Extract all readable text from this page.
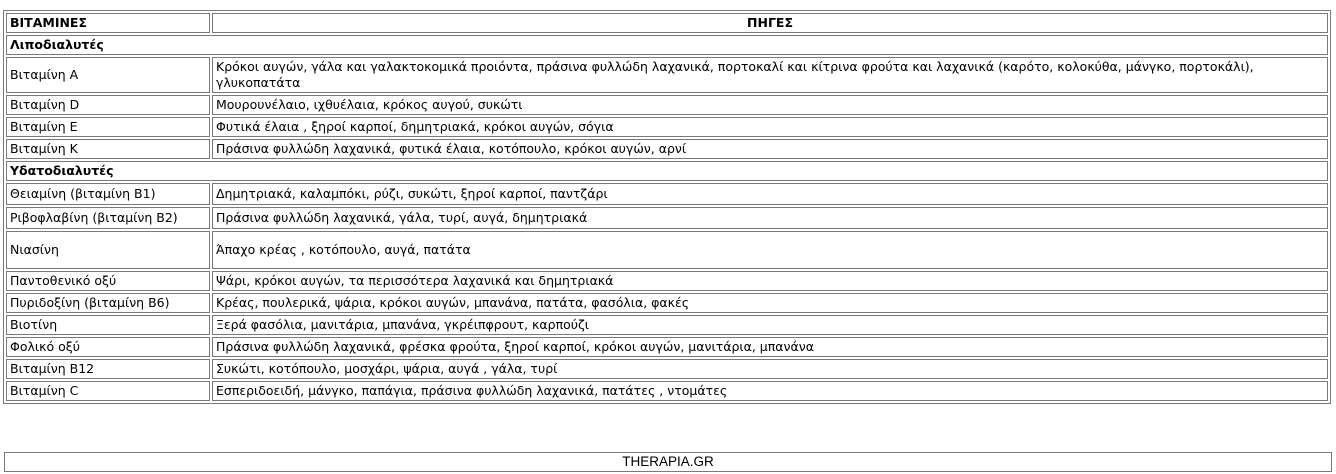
ΒΙΤΑΜΙΝΕΣ	ΠΗΓΕΣ
Λιποδιαλυτές	
Βιταμίνη Α	Κρόκοι αυγών, γάλα και γαλακτοκομικά προιόντα, πράσινα φυλλώδη λαχανικά, πορτοκαλί και κίτρινα φρούτα και λαχανικά (καρότο, κολοκύθα, μάνγκο, πορτοκάλι), γλυκοπατάτα
Βιταμίνη D	Μουρουνέλαιο, ιχθυέλαια, κρόκος αυγού, συκώτι
Βιταμίνη Ε	Φυτικά έλαια , ξηροί καρποί, δημητριακά, κρόκοι αυγών, σόγια
Βιταμίνη Κ	Πράσινα φυλλώδη λαχανικά, φυτικά έλαια, κοτόπουλο, κρόκοι αυγών, αρνί
Υδατοδιαλυτές	
Θειαμίνη (βιταμίνη Β1)	Δημητριακά, καλαμπόκι, ρύζι, συκώτι, ξηροί καρποί, παντζάρι
Ριβοφλαβίνη (βιταμίνη Β2)	Πράσινα φυλλώδη λαχανικά, γάλα, τυρί, αυγά, δημητριακά
Νιασίνη	Άπαχο κρέας , κοτόπουλο, αυγά, πατάτα
Παντοθενικό οξύ	Ψάρι, κρόκοι αυγών, τα περισσότερα λαχανικά και δημητριακά
Πυριδοξίνη (βιταμίνη Β6)	Κρέας, πουλερικά, ψάρια, κρόκοι αυγών, μπανάνα, πατάτα, φασόλια, φακές
Βιοτίνη	Ξερά φασόλια, μανιτάρια, μπανάνα, γκρέιπφρουτ, καρπούζι
Φολικό οξύ	Πράσινα φυλλώδη λαχανικά, φρέσκα φρούτα, ξηροί καρποί, κρόκοι αυγών, μανιτάρια, μπανάνα
Βιταμίνη Β12	Συκώτι, κοτόπουλο, μοσχάρι, ψάρια, αυγά , γάλα, τυρί
Βιταμίνη C	Εσπεριδοειδή, μάνγκο, παπάγια, πράσινα φυλλώδη λαχανικά, πατάτες , ντομάτες
THERAPIA.GR
